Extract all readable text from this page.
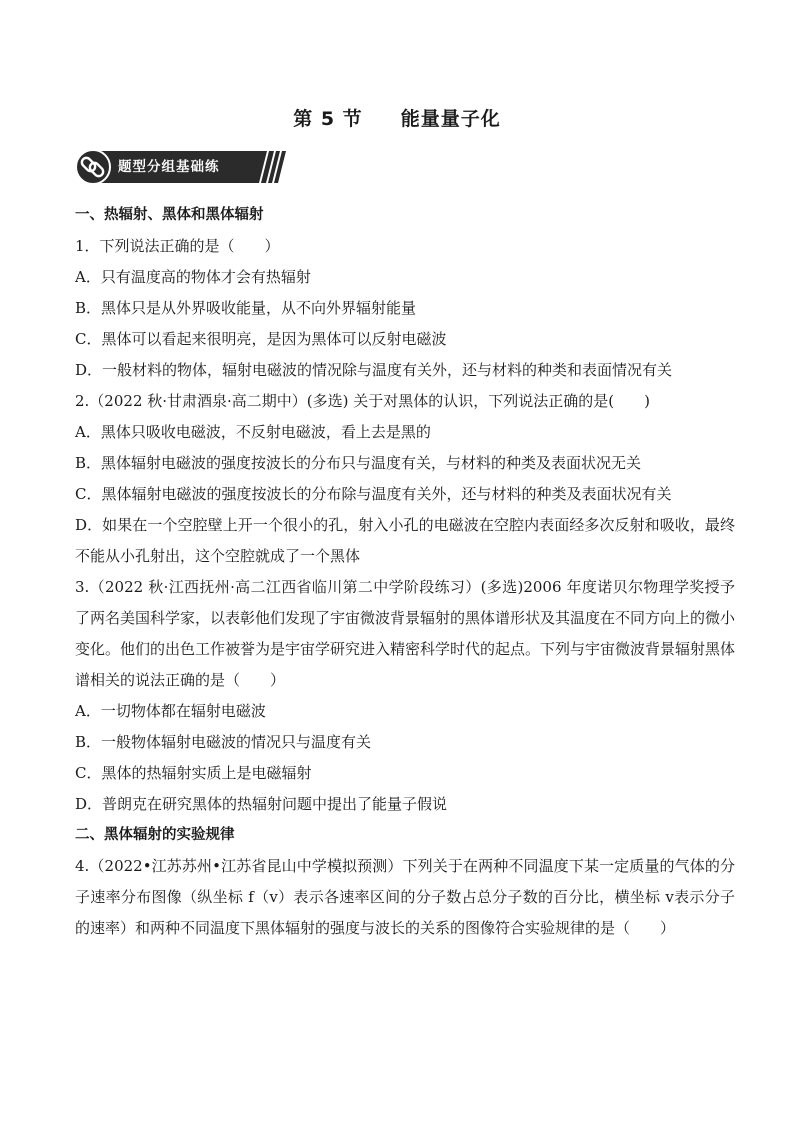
第 5 节     能量量子化
题型分组基础练
一、热辐射、黑体和黑体辐射
1．下列说法正确的是（　　）
A．只有温度高的物体才会有热辐射
B．黑体只是从外界吸收能量，从不向外界辐射能量
C．黑体可以看起来很明亮，是因为黑体可以反射电磁波
D．一般材料的物体，辐射电磁波的情况除与温度有关外，还与材料的种类和表面情况有关
2.（2022 秋·甘肃酒泉·高二期中）(多选) 关于对黑体的认识，下列说法正确的是(　　)
A．黑体只吸收电磁波，不反射电磁波，看上去是黑的
B．黑体辐射电磁波的强度按波长的分布只与温度有关，与材料的种类及表面状况无关
C．黑体辐射电磁波的强度按波长的分布除与温度有关外，还与材料的种类及表面状况有关
D．如果在一个空腔壁上开一个很小的孔，射入小孔的电磁波在空腔内表面经多次反射和吸收，最终不能从小孔射出，这个空腔就成了一个黑体
3.（2022 秋·江西抚州·高二江西省临川第二中学阶段练习）(多选)2006 年度诺贝尔物理学奖授予了两名美国科学家，以表彰他们发现了宇宙微波背景辐射的黑体谱形状及其温度在不同方向上的微小变化。他们的出色工作被誉为是宇宙学研究进入精密科学时代的起点。下列与宇宙微波背景辐射黑体谱相关的说法正确的是（　　）
A．一切物体都在辐射电磁波
B．一般物体辐射电磁波的情况只与温度有关
C．黑体的热辐射实质上是电磁辐射
D．普朗克在研究黑体的热辐射问题中提出了能量子假说
二、黑体辐射的实验规律
4.（2022•江苏苏州•江苏省昆山中学模拟预测）下列关于在两种不同温度下某一定质量的气体的分子速率分布图像（纵坐标 f（v）表示各速率区间的分子数占总分子数的百分比，横坐标 v表示分子的速率）和两种不同温度下黑体辐射的强度与波长的关系的图像符合实验规律的是（　　）
